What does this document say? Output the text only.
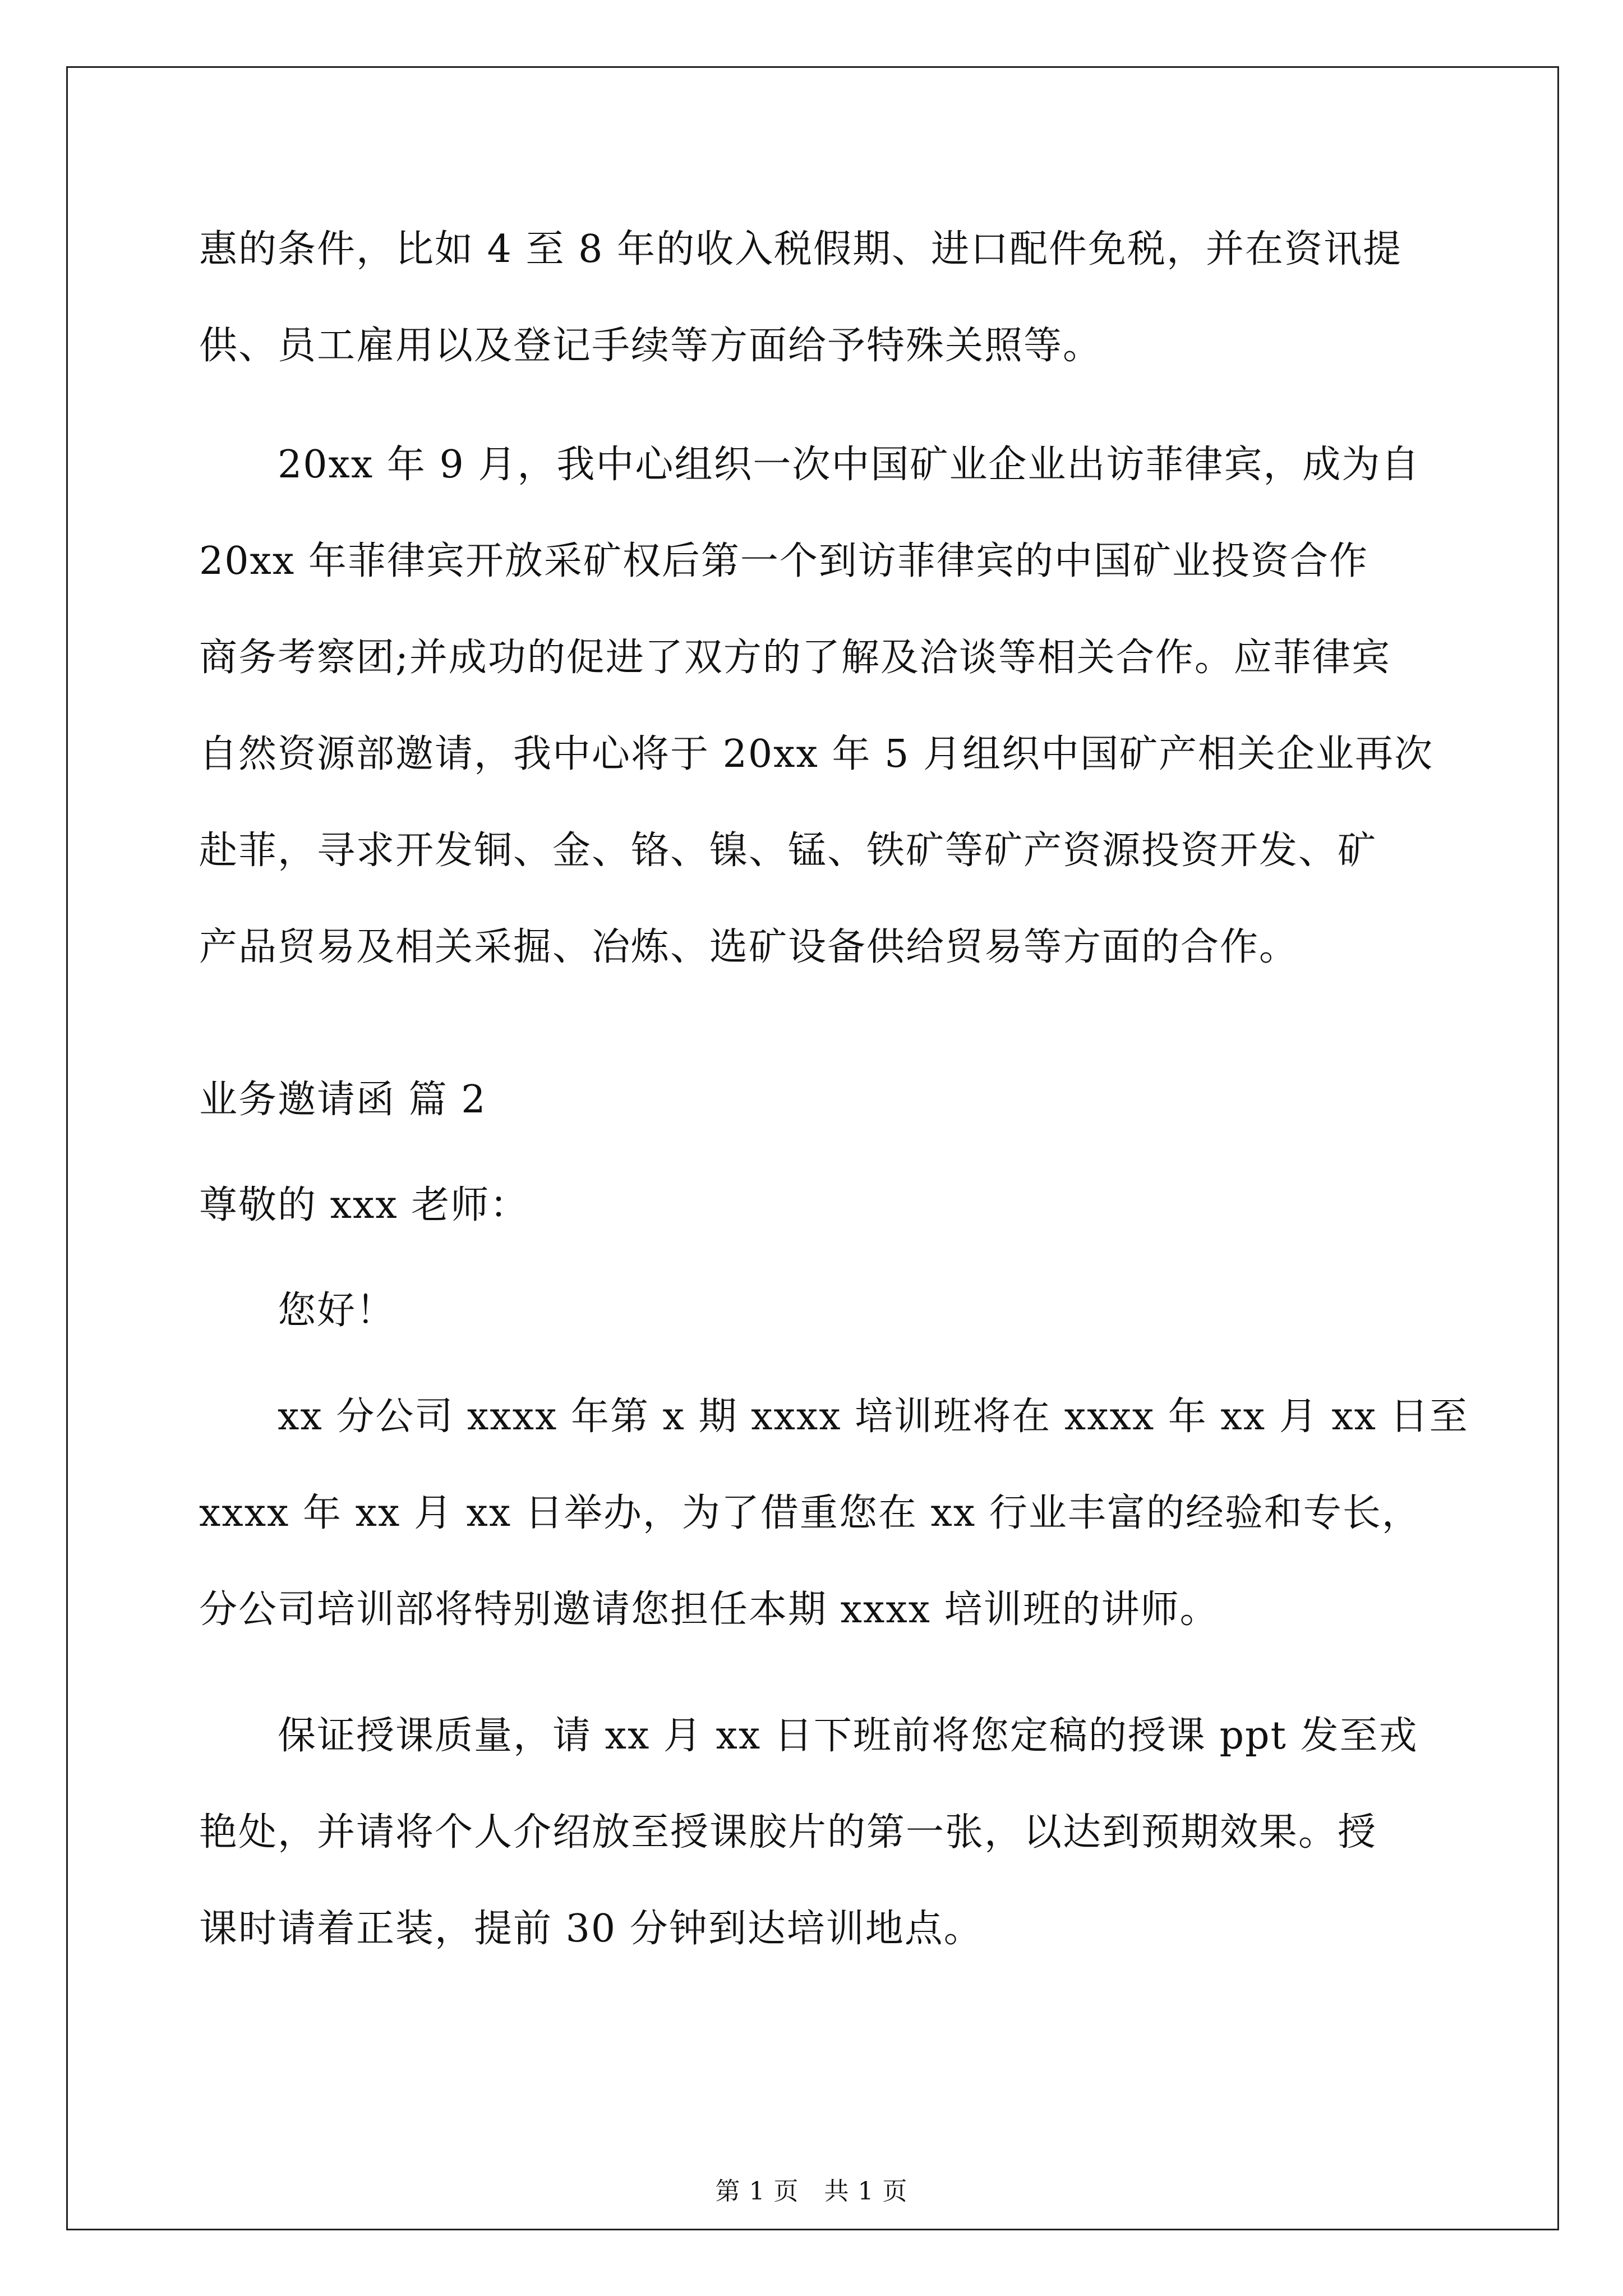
惠的条件，比如 4 至 8 年的收入税假期、进口配件免税，并在资讯提
供、员工雇用以及登记手续等方面给予特殊关照等。

20xx 年 9 月，我中心组织一次中国矿业企业出访菲律宾，成为自
20xx 年菲律宾开放采矿权后第一个到访菲律宾的中国矿业投资合作
商务考察团;并成功的促进了双方的了解及洽谈等相关合作。应菲律宾
自然资源部邀请，我中心将于 20xx 年 5 月组织中国矿产相关企业再次
赴菲，寻求开发铜、金、铬、镍、锰、铁矿等矿产资源投资开发、矿
产品贸易及相关采掘、冶炼、选矿设备供给贸易等方面的合作。

业务邀请函 篇 2

尊敬的 xxx 老师：

您好！

xx 分公司 xxxx 年第 x 期 xxxx 培训班将在 xxxx 年 xx 月 xx 日至
xxxx 年 xx 月 xx 日举办，为了借重您在 xx 行业丰富的经验和专长，
分公司培训部将特别邀请您担任本期 xxxx 培训班的讲师。

保证授课质量，请 xx 月 xx 日下班前将您定稿的授课 ppt 发至戎
艳处，并请将个人介绍放至授课胶片的第一张，以达到预期效果。授
课时请着正装，提前 30 分钟到达培训地点。

第 1 页　共 1 页
